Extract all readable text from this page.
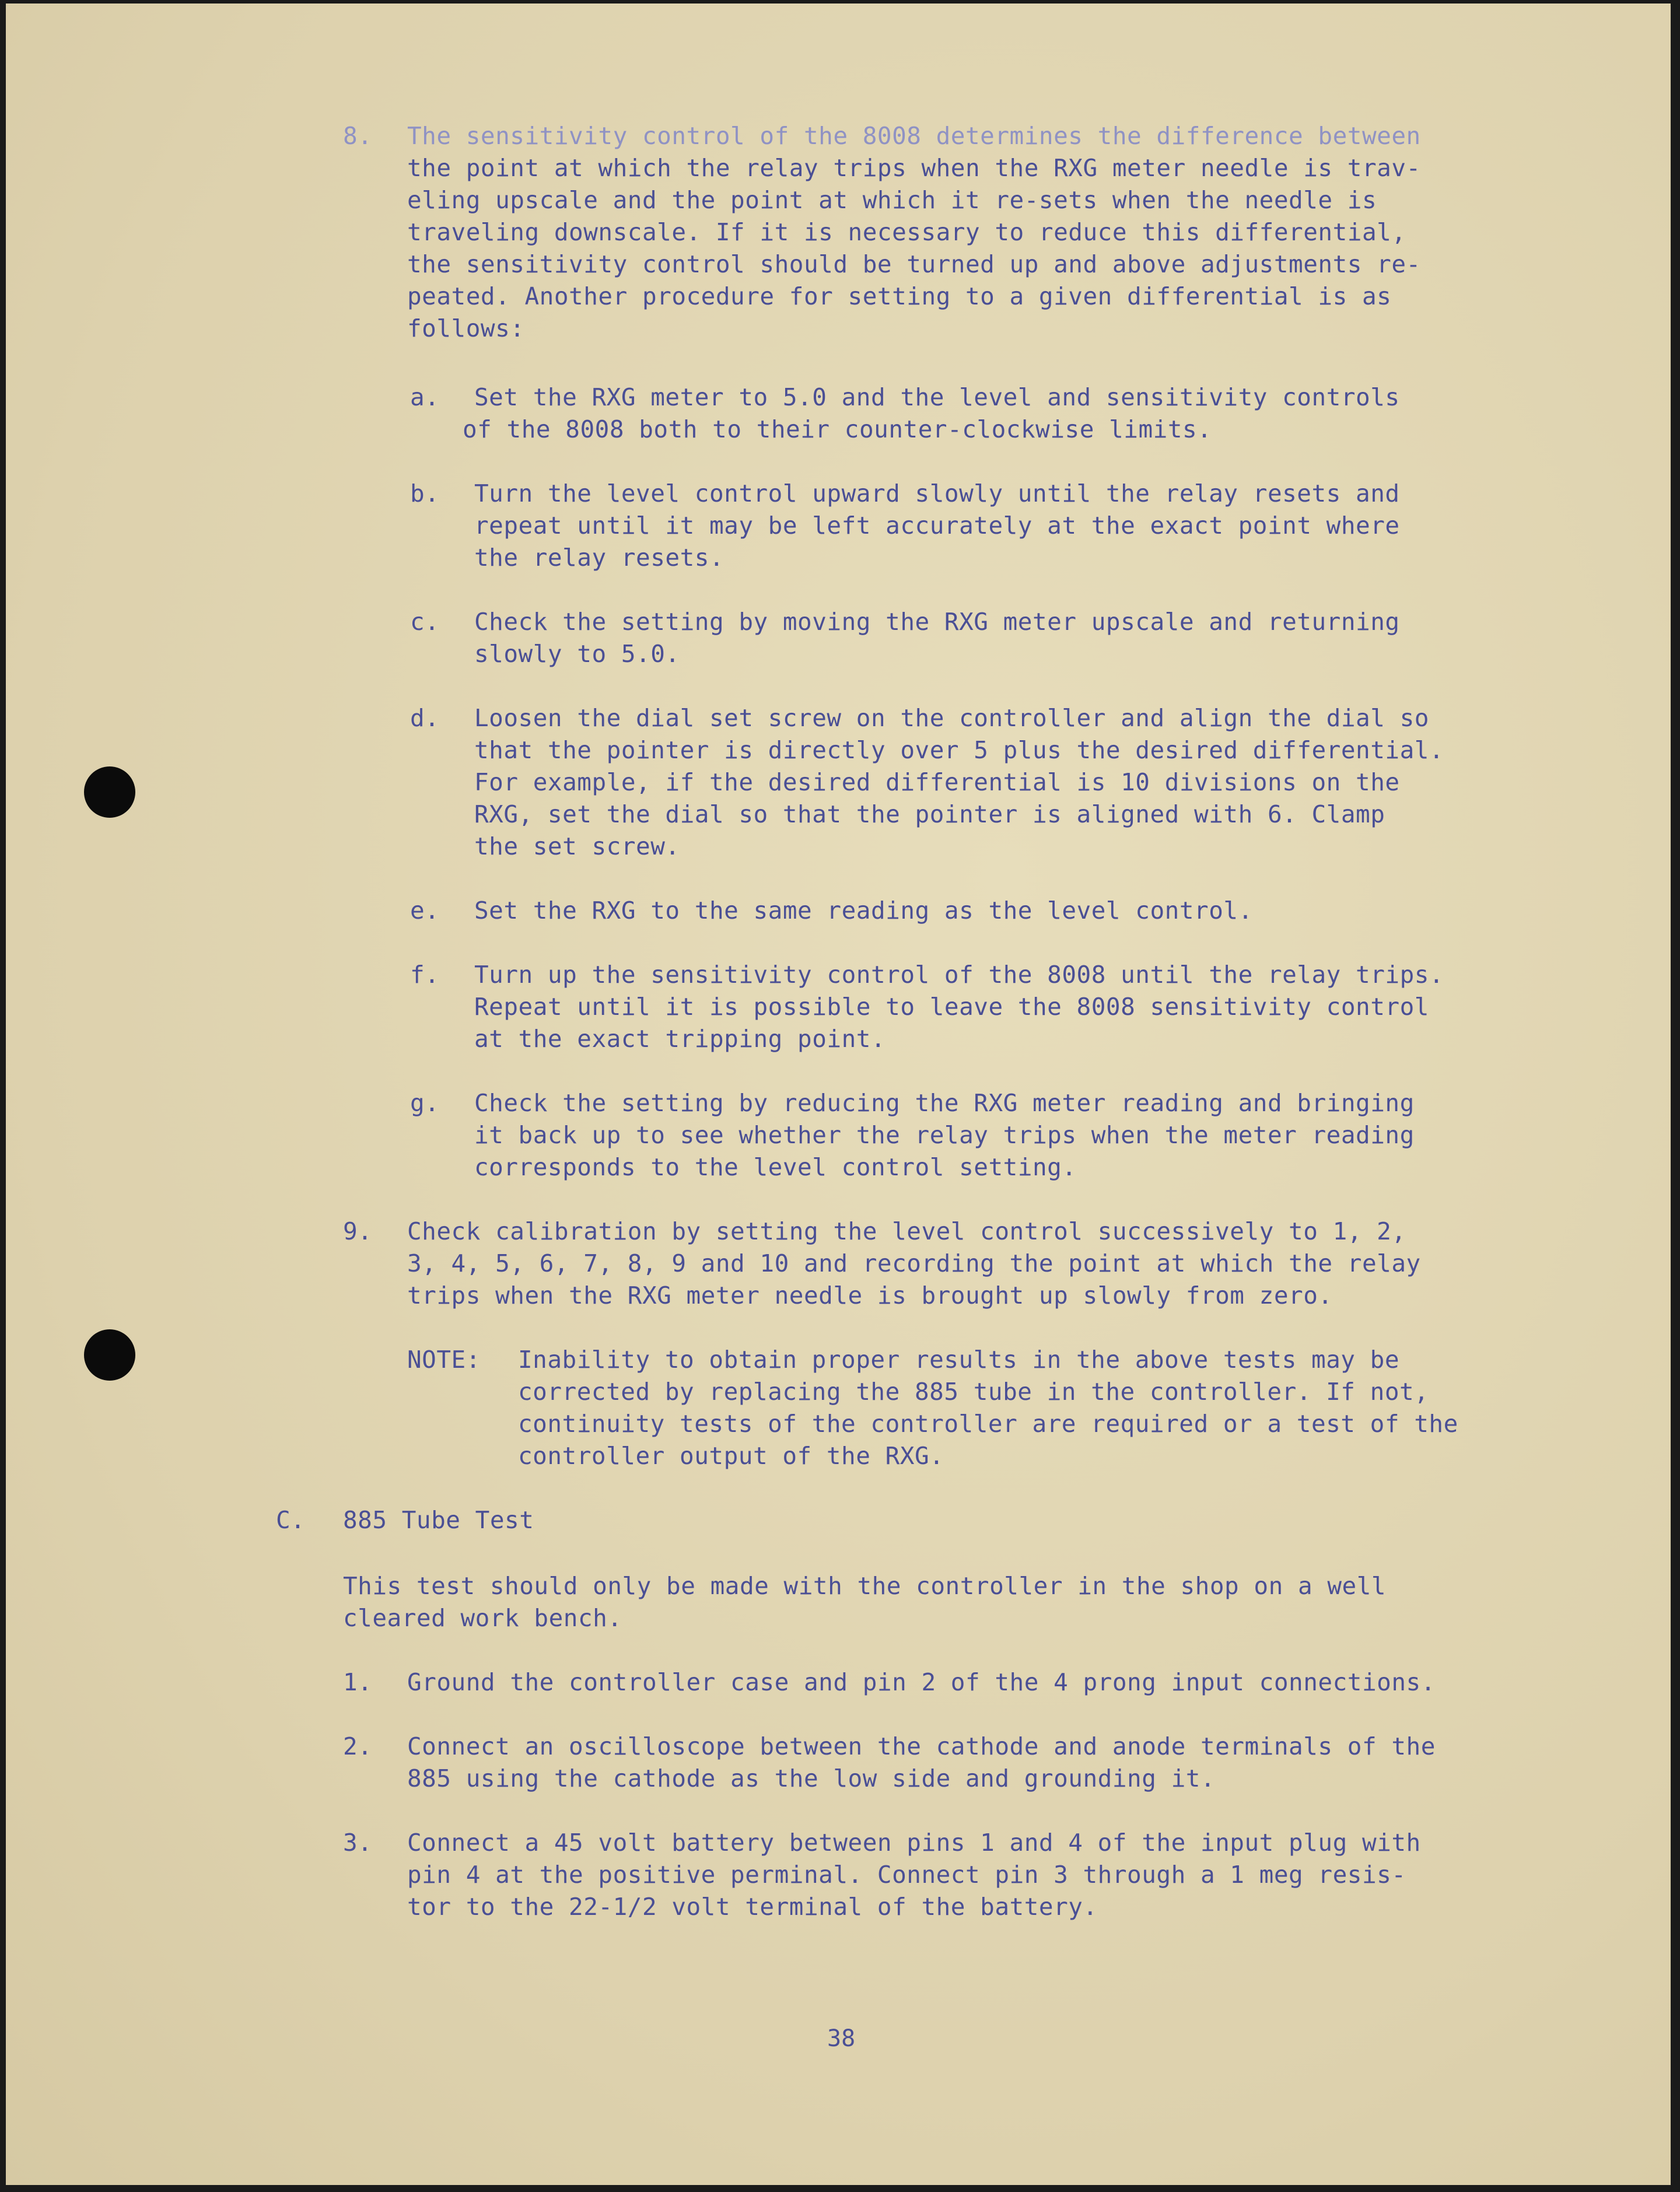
8. The sensitivity control of the 8008 determines the difference between
the point at which the relay trips when the RXG meter needle is trav-
eling upscale and the point at which it re-sets when the needle is
traveling downscale. If it is necessary to reduce this differential,
the sensitivity control should be turned up and above adjustments re-
peated. Another procedure for setting to a given differential is as
follows:
a. Set the RXG meter to 5.0 and the level and sensitivity controls
of the 8008 both to their counter-clockwise limits.
b. Turn the level control upward slowly until the relay resets and
repeat until it may be left accurately at the exact point where
the relay resets.
c. Check the setting by moving the RXG meter upscale and returning
slowly to 5.0.
d. Loosen the dial set screw on the controller and align the dial so
that the pointer is directly over 5 plus the desired differential.
For example, if the desired differential is 10 divisions on the
RXG, set the dial so that the pointer is aligned with 6. Clamp
the set screw.
e. Set the RXG to the same reading as the level control.
f. Turn up the sensitivity control of the 8008 until the relay trips.
Repeat until it is possible to leave the 8008 sensitivity control
at the exact tripping point.
g. Check the setting by reducing the RXG meter reading and bringing
it back up to see whether the relay trips when the meter reading
corresponds to the level control setting.
9. Check calibration by setting the level control successively to 1, 2,
3, 4, 5, 6, 7, 8, 9 and 10 and recording the point at which the relay
trips when the RXG meter needle is brought up slowly from zero.
NOTE: Inability to obtain proper results in the above tests may be
corrected by replacing the 885 tube in the controller. If not,
continuity tests of the controller are required or a test of the
controller output of the RXG.
C. 885 Tube Test
This test should only be made with the controller in the shop on a well
cleared work bench.
1. Ground the controller case and pin 2 of the 4 prong input connections.
2. Connect an oscilloscope between the cathode and anode terminals of the
885 using the cathode as the low side and grounding it.
3. Connect a 45 volt battery between pins 1 and 4 of the input plug with
pin 4 at the positive perminal. Connect pin 3 through a 1 meg resis-
tor to the 22-1/2 volt terminal of the battery.
38
